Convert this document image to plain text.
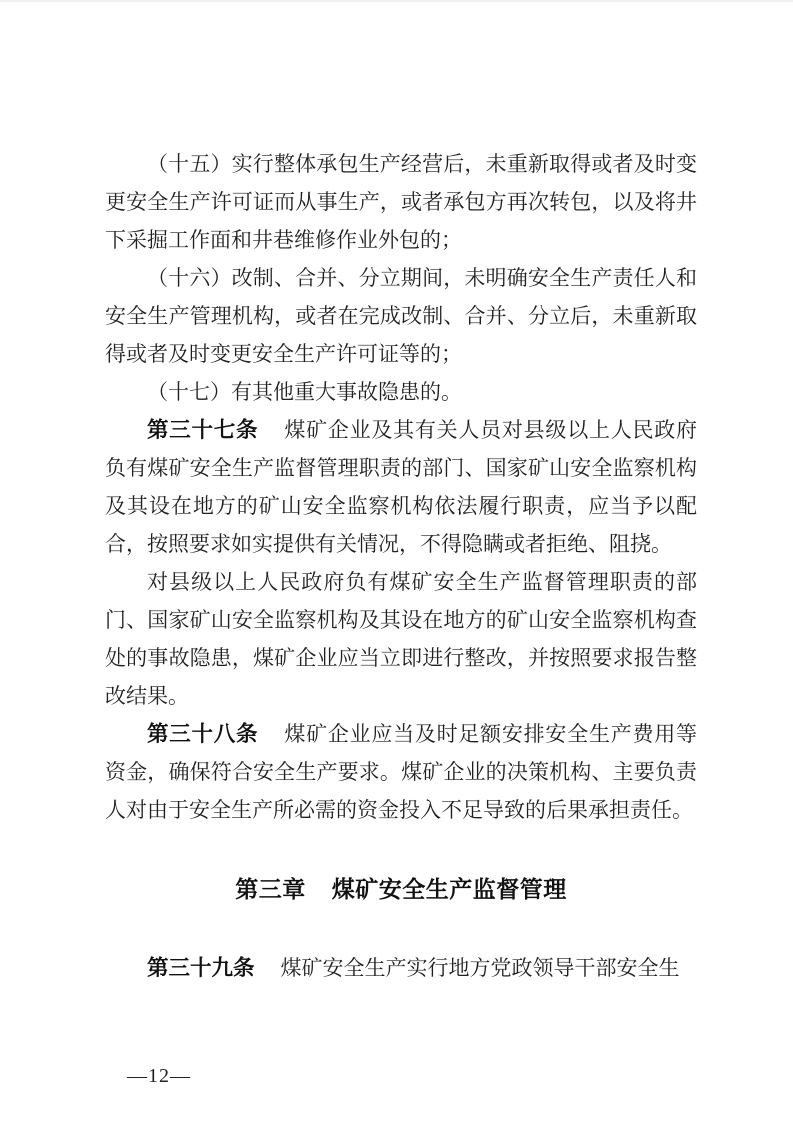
（十五）实行整体承包生产经营后，未重新取得或者及时变更安全生产许可证而从事生产，或者承包方再次转包，以及将井下采掘工作面和井巷维修作业外包的；

（十六）改制、合并、分立期间，未明确安全生产责任人和安全生产管理机构，或者在完成改制、合并、分立后，未重新取得或者及时变更安全生产许可证等的；

（十七）有其他重大事故隐患的。

第三十七条 煤矿企业及其有关人员对县级以上人民政府负有煤矿安全生产监督管理职责的部门、国家矿山安全监察机构及其设在地方的矿山安全监察机构依法履行职责，应当予以配合，按照要求如实提供有关情况，不得隐瞒或者拒绝、阻挠。

对县级以上人民政府负有煤矿安全生产监督管理职责的部门、国家矿山安全监察机构及其设在地方的矿山安全监察机构查处的事故隐患，煤矿企业应当立即进行整改，并按照要求报告整改结果。

第三十八条 煤矿企业应当及时足额安排安全生产费用等资金，确保符合安全生产要求。煤矿企业的决策机构、主要负责人对由于安全生产所必需的资金投入不足导致的后果承担责任。

第三章 煤矿安全生产监督管理

第三十九条 煤矿安全生产实行地方党政领导干部安全生

—12—
